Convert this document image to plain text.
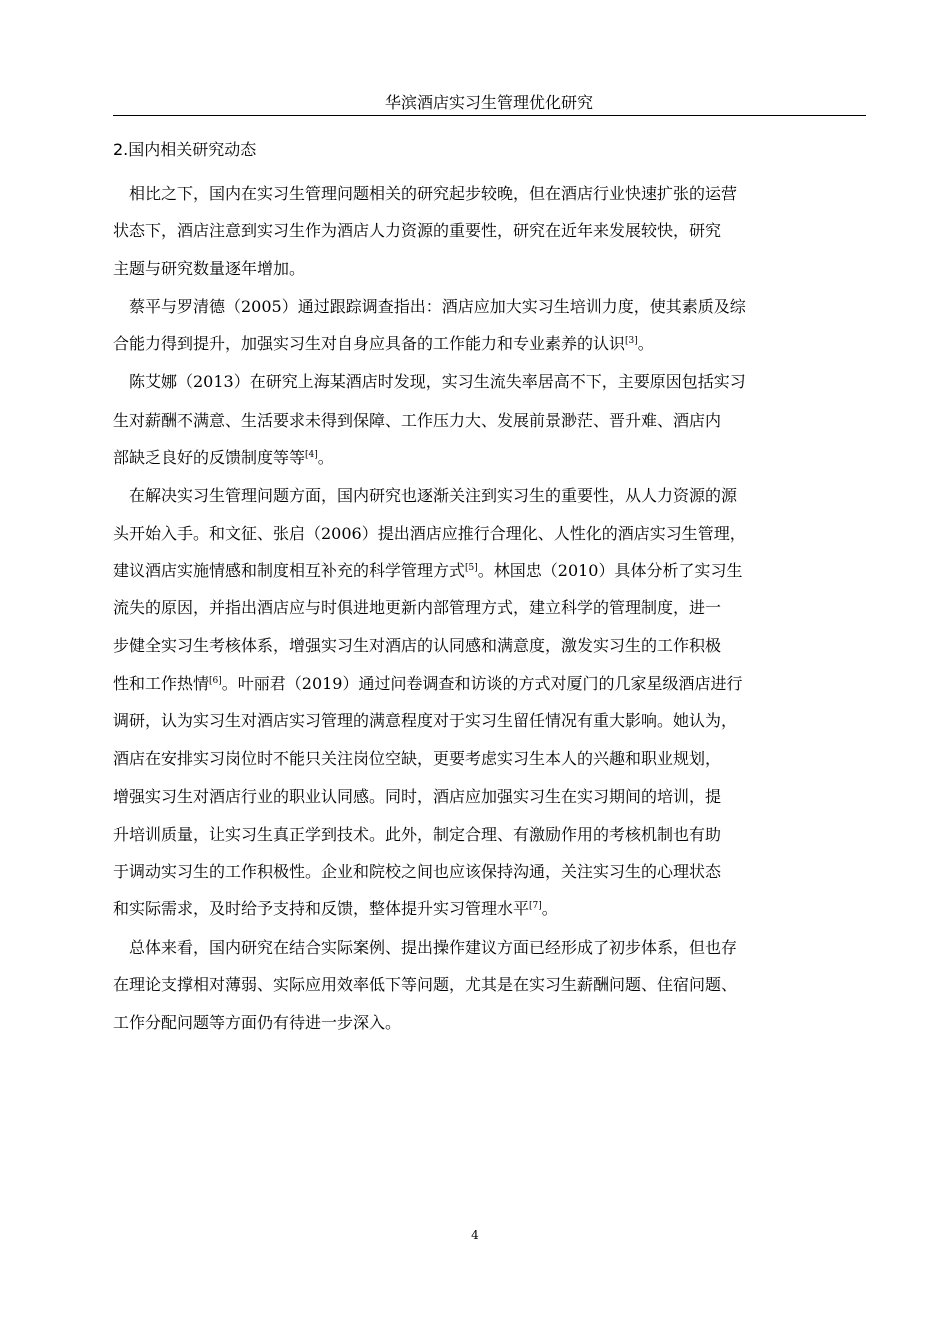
华滨酒店实习生管理优化研究
2.国内相关研究动态
相比之下，国内在实习生管理问题相关的研究起步较晚，但在酒店行业快速扩张的运营
状态下，酒店注意到实习生作为酒店人力资源的重要性，研究在近年来发展较快，研究
主题与研究数量逐年增加。
蔡平与罗清德（2005）通过跟踪调查指出：酒店应加大实习生培训力度，使其素质及综
合能力得到提升，加强实习生对自身应具备的工作能力和专业素养的认识[3]。
陈艾娜（2013）在研究上海某酒店时发现，实习生流失率居高不下，主要原因包括实习
生对薪酬不满意、生活要求未得到保障、工作压力大、发展前景渺茫、晋升难、酒店内
部缺乏良好的反馈制度等等[4]。
在解决实习生管理问题方面，国内研究也逐渐关注到实习生的重要性，从人力资源的源
头开始入手。和文征、张启（2006）提出酒店应推行合理化、人性化的酒店实习生管理，
建议酒店实施情感和制度相互补充的科学管理方式[5]。林国忠（2010）具体分析了实习生
流失的原因，并指出酒店应与时俱进地更新内部管理方式，建立科学的管理制度，进一
步健全实习生考核体系，增强实习生对酒店的认同感和满意度，激发实习生的工作积极
性和工作热情[6]。叶丽君（2019）通过问卷调查和访谈的方式对厦门的几家星级酒店进行
调研，认为实习生对酒店实习管理的满意程度对于实习生留任情况有重大影响。她认为，
酒店在安排实习岗位时不能只关注岗位空缺，更要考虑实习生本人的兴趣和职业规划，
增强实习生对酒店行业的职业认同感。同时，酒店应加强实习生在实习期间的培训，提
升培训质量，让实习生真正学到技术。此外，制定合理、有激励作用的考核机制也有助
于调动实习生的工作积极性。企业和院校之间也应该保持沟通，关注实习生的心理状态
和实际需求，及时给予支持和反馈，整体提升实习管理水平[7]。
总体来看，国内研究在结合实际案例、提出操作建议方面已经形成了初步体系，但也存
在理论支撑相对薄弱、实际应用效率低下等问题，尤其是在实习生薪酬问题、住宿问题、
工作分配问题等方面仍有待进一步深入。
4
